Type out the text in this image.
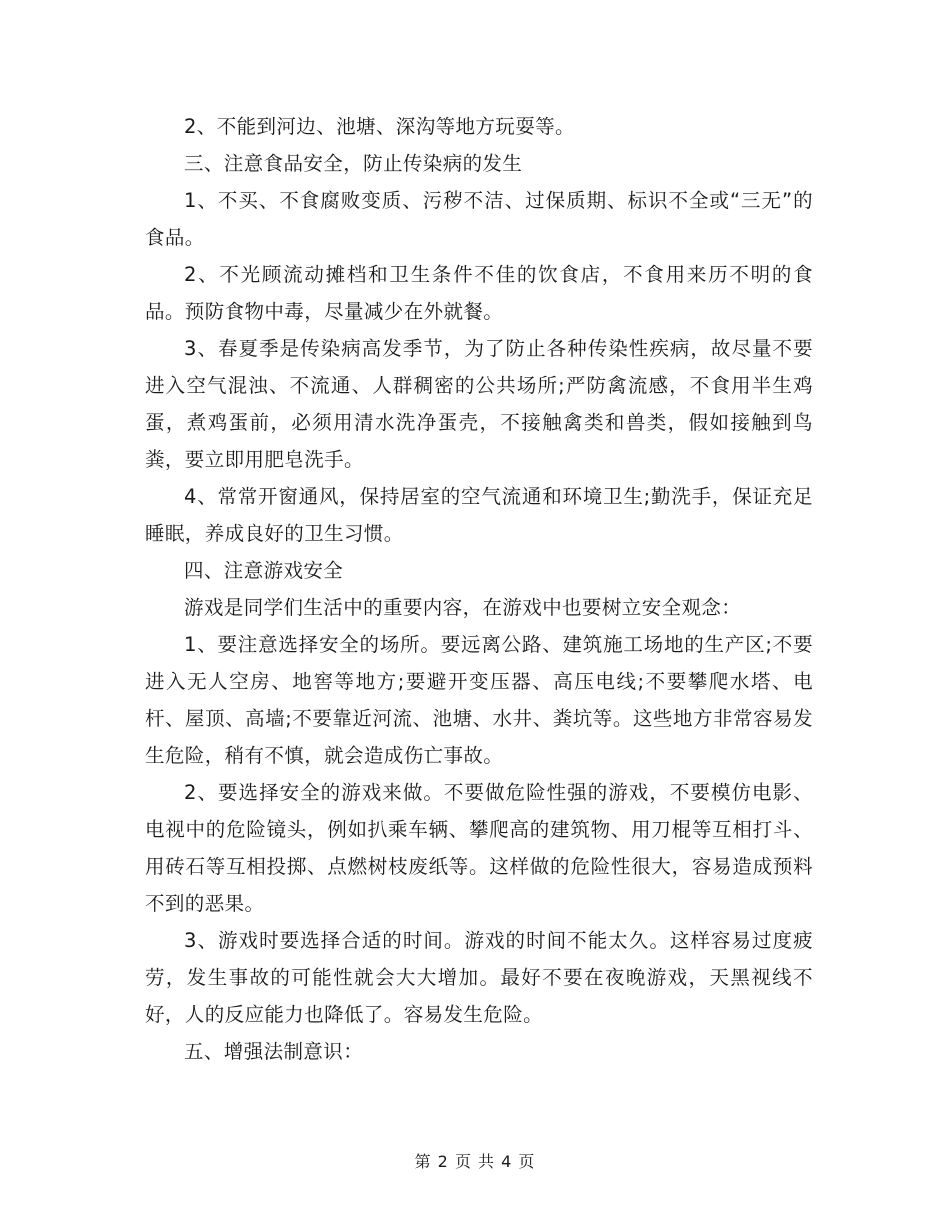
2、不能到河边、池塘、深沟等地方玩耍等。

三、注意食品安全，防止传染病的发生

1、不买、不食腐败变质、污秽不洁、过保质期、标识不全或“三无”的食品。

2、不光顾流动摊档和卫生条件不佳的饮食店，不食用来历不明的食品。预防食物中毒，尽量减少在外就餐。

3、春夏季是传染病高发季节，为了防止各种传染性疾病，故尽量不要进入空气混浊、不流通、人群稠密的公共场所;严防禽流感，不食用半生鸡蛋，煮鸡蛋前，必须用清水洗净蛋壳，不接触禽类和兽类，假如接触到鸟粪，要立即用肥皂洗手。

4、常常开窗通风，保持居室的空气流通和环境卫生;勤洗手，保证充足睡眠，养成良好的卫生习惯。

四、注意游戏安全

游戏是同学们生活中的重要内容，在游戏中也要树立安全观念：

1、要注意选择安全的场所。要远离公路、建筑施工场地的生产区;不要进入无人空房、地窖等地方;要避开变压器、高压电线;不要攀爬水塔、电杆、屋顶、高墙;不要靠近河流、池塘、水井、粪坑等。这些地方非常容易发生危险，稍有不慎，就会造成伤亡事故。

2、要选择安全的游戏来做。不要做危险性强的游戏，不要模仿电影、电视中的危险镜头，例如扒乘车辆、攀爬高的建筑物、用刀棍等互相打斗、用砖石等互相投掷、点燃树枝废纸等。这样做的危险性很大，容易造成预料不到的恶果。

3、游戏时要选择合适的时间。游戏的时间不能太久。这样容易过度疲劳，发生事故的可能性就会大大增加。最好不要在夜晚游戏，天黑视线不好，人的反应能力也降低了。容易发生危险。

五、增强法制意识：

第 2 页 共 4 页
